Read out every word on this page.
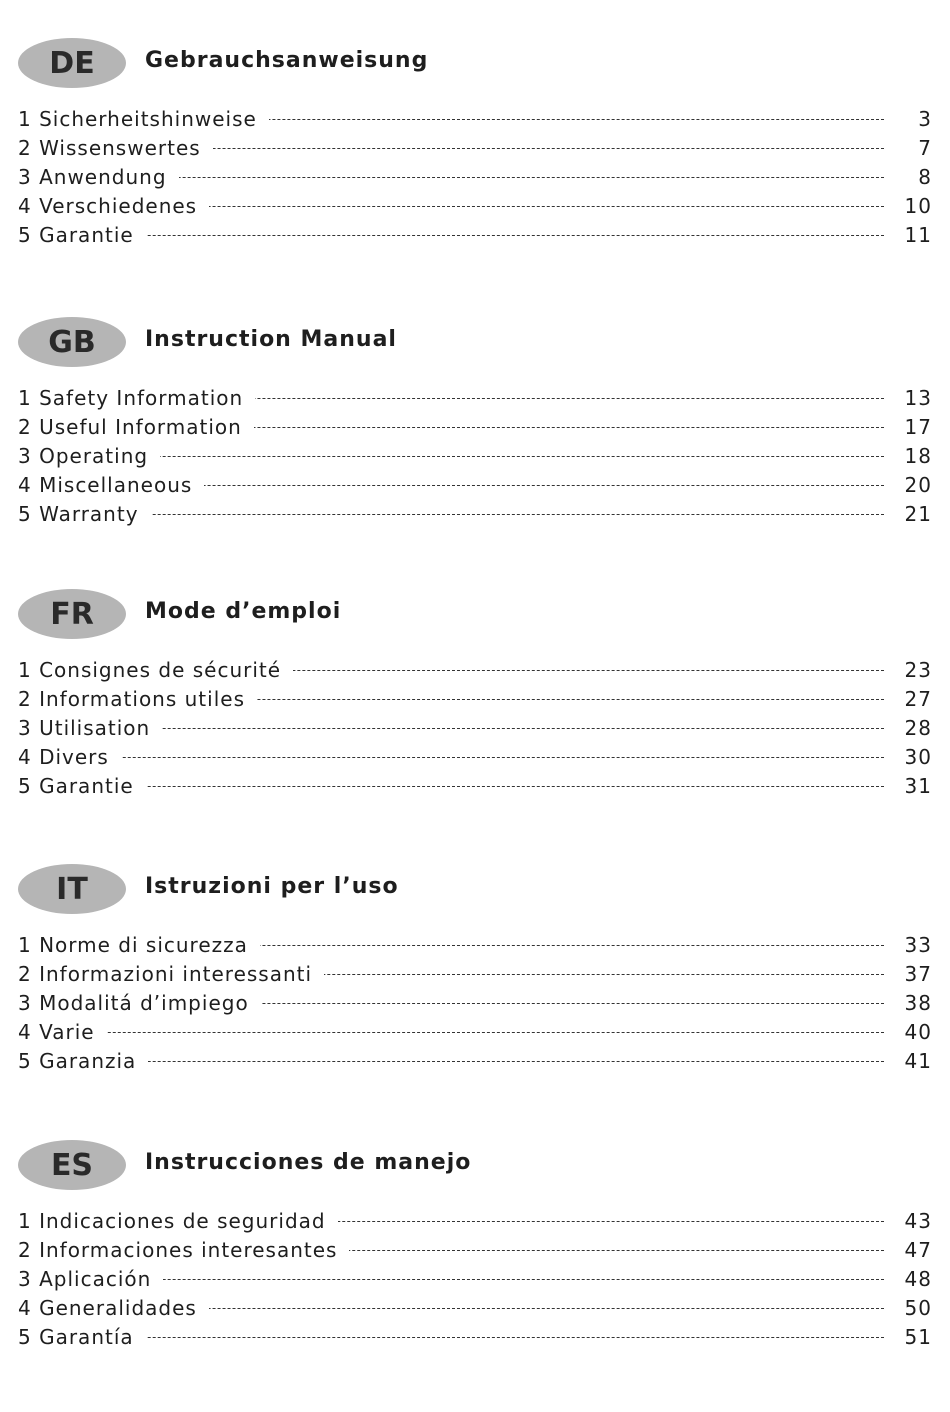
DE	Gebrauchsanweisung
1 Sicherheitshinweise	3
2 Wissenswertes	7
3 Anwendung	8
4 Verschiedenes	10
5 Garantie	11
GB	Instruction Manual
1 Safety Information	13
2 Useful Information	17
3 Operating	18
4 Miscellaneous	20
5 Warranty	21
FR	Mode d’emploi
1 Consignes de sécurité	23
2 Informations utiles	27
3 Utilisation	28
4 Divers	30
5 Garantie	31
IT	Istruzioni per l’uso
1 Norme di sicurezza	33
2 Informazioni interessanti	37
3 Modalitá d’impiego	38
4 Varie	40
5 Garanzia	41
ES	Instrucciones de manejo
1 Indicaciones de seguridad	43
2 Informaciones interesantes	47
3 Aplicación	48
4 Generalidades	50
5 Garantía	51
